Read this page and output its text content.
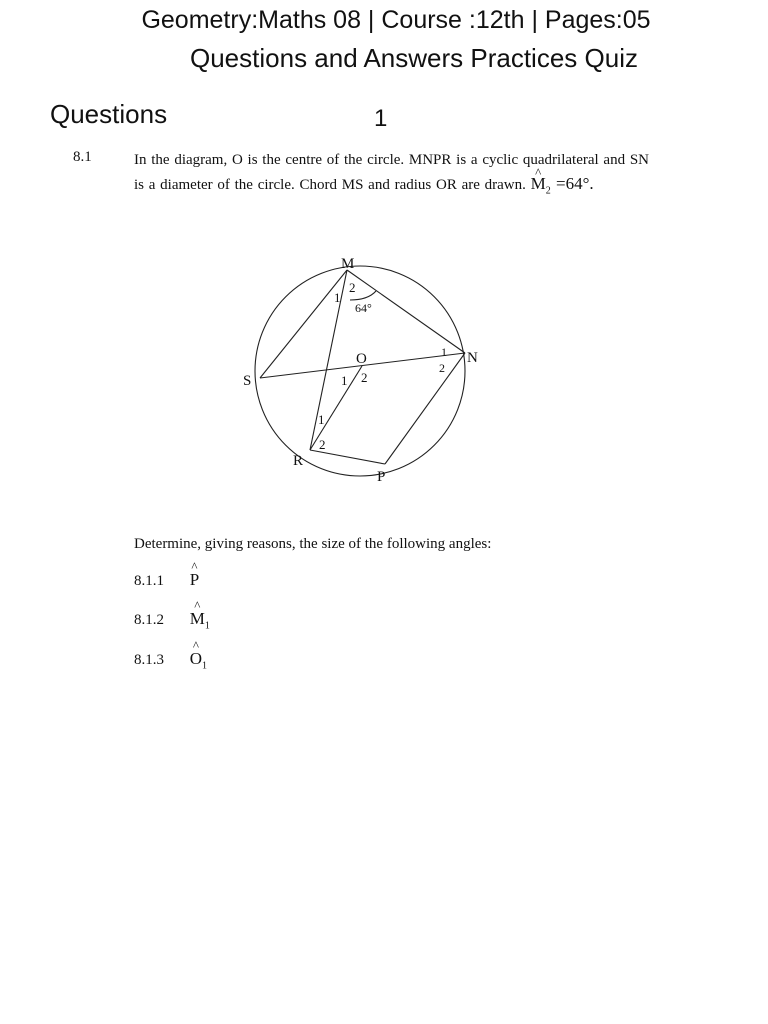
Geometry:Maths 08 | Course :12th | Pages:05
Questions and Answers Practices Quiz
Questions	1
8.1	In the diagram, O is the centre of the circle. MNPR is a cyclic quadrilateral and SN
is a diameter of the circle. Chord MS and radius OR are drawn. ^ $M_2 =64^\circ$.
M
N
P
R
S
O
1
2
64°
1
2
1 2
1
2
Determine, giving reasons, the size of the following angles:
8.1.1 ^ P
8.1.2 ^ $M_1$
8.1.3 ^ $O_1$
